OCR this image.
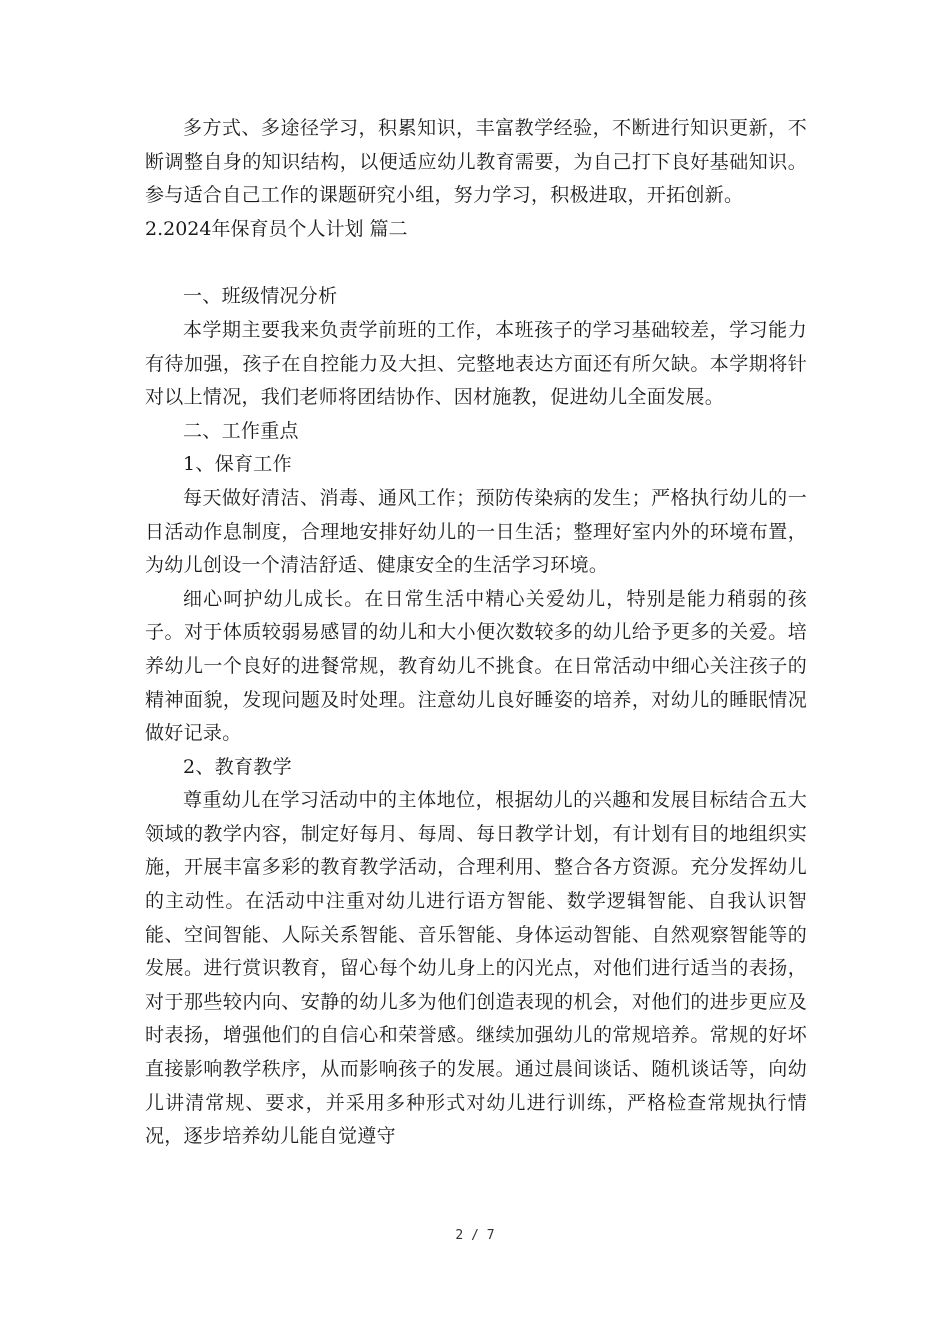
多方式、多途径学习，积累知识，丰富教学经验，不断进行知识更新，不断调整自身的知识结构，以便适应幼儿教育需要，为自己打下良好基础知识。参与适合自己工作的课题研究小组，努力学习，积极进取，开拓创新。

2.2024年保育员个人计划 篇二

一、班级情况分析

本学期主要我来负责学前班的工作，本班孩子的学习基础较差，学习能力有待加强，孩子在自控能力及大担、完整地表达方面还有所欠缺。本学期将针对以上情况，我们老师将团结协作、因材施教，促进幼儿全面发展。

二、工作重点

1、保育工作

每天做好清洁、消毒、通风工作；预防传染病的发生；严格执行幼儿的一日活动作息制度，合理地安排好幼儿的一日生活；整理好室内外的环境布置，为幼儿创设一个清洁舒适、健康安全的生活学习环境。

细心呵护幼儿成长。在日常生活中精心关爱幼儿，特别是能力稍弱的孩子。对于体质较弱易感冒的幼儿和大小便次数较多的幼儿给予更多的关爱。培养幼儿一个良好的进餐常规，教育幼儿不挑食。在日常活动中细心关注孩子的精神面貌，发现问题及时处理。注意幼儿良好睡姿的培养，对幼儿的睡眠情况做好记录。

2、教育教学

尊重幼儿在学习活动中的主体地位，根据幼儿的兴趣和发展目标结合五大领域的教学内容，制定好每月、每周、每日教学计划，有计划有目的地组织实施，开展丰富多彩的教育教学活动，合理利用、整合各方资源。充分发挥幼儿的主动性。在活动中注重对幼儿进行语方智能、数学逻辑智能、自我认识智能、空间智能、人际关系智能、音乐智能、身体运动智能、自然观察智能等的发展。进行赏识教育，留心每个幼儿身上的闪光点，对他们进行适当的表扬，对于那些较内向、安静的幼儿多为他们创造表现的机会，对他们的进步更应及时表扬，增强他们的自信心和荣誉感。继续加强幼儿的常规培养。常规的好坏直接影响教学秩序，从而影响孩子的发展。通过晨间谈话、随机谈话等，向幼儿讲清常规、要求，并采用多种形式对幼儿进行训练，严格检查常规执行情况，逐步培养幼儿能自觉遵守

2 / 7
